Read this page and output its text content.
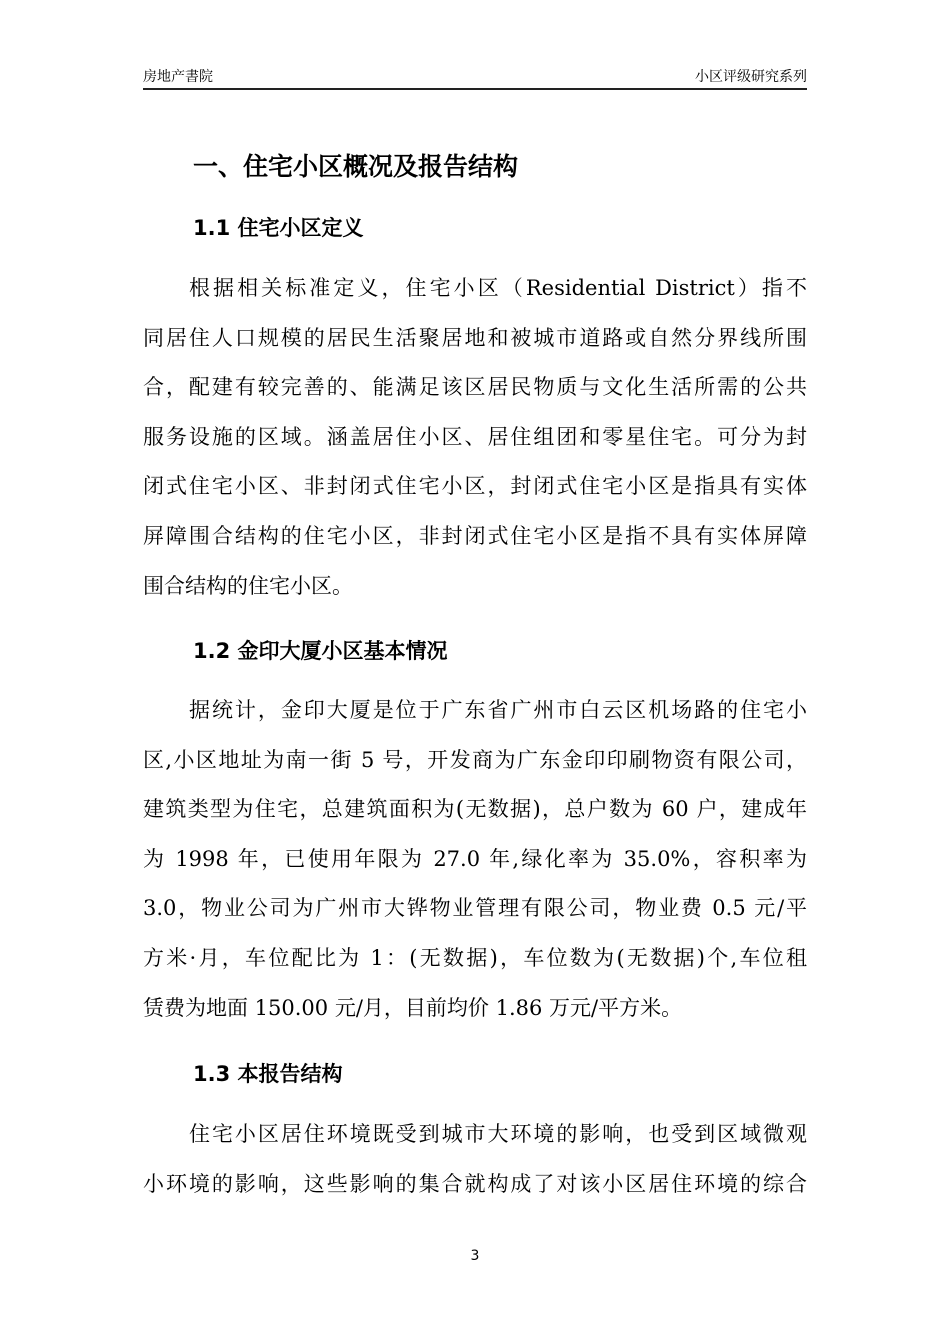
房地产書院	小区评级研究系列
一、住宅小区概况及报告结构
1.1 住宅小区定义
根据相关标准定义，住宅小区（Residential District）指不
同居住人口规模的居民生活聚居地和被城市道路或自然分界线所围
合，配建有较完善的、能满足该区居民物质与文化生活所需的公共
服务设施的区域。涵盖居住小区、居住组团和零星住宅。可分为封
闭式住宅小区、非封闭式住宅小区，封闭式住宅小区是指具有实体
屏障围合结构的住宅小区，非封闭式住宅小区是指不具有实体屏障
围合结构的住宅小区。
1.2 金印大厦小区基本情况
据统计，金印大厦是位于广东省广州市白云区机场路的住宅小
区,小区地址为南一街 5 号，开发商为广东金印印刷物资有限公司，
建筑类型为住宅，总建筑面积为(无数据)，总户数为 60 户，建成年
为 1998 年，已使用年限为 27.0 年,绿化率为 35.0%，容积率为
3.0，物业公司为广州市大铧物业管理有限公司，物业费 0.5 元/平
方米·月，车位配比为 1：(无数据)，车位数为(无数据)个,车位租
赁费为地面 150.00 元/月，目前均价 1.86 万元/平方米。
1.3 本报告结构
住宅小区居住环境既受到城市大环境的影响，也受到区域微观
小环境的影响，这些影响的集合就构成了对该小区居住环境的综合
3
